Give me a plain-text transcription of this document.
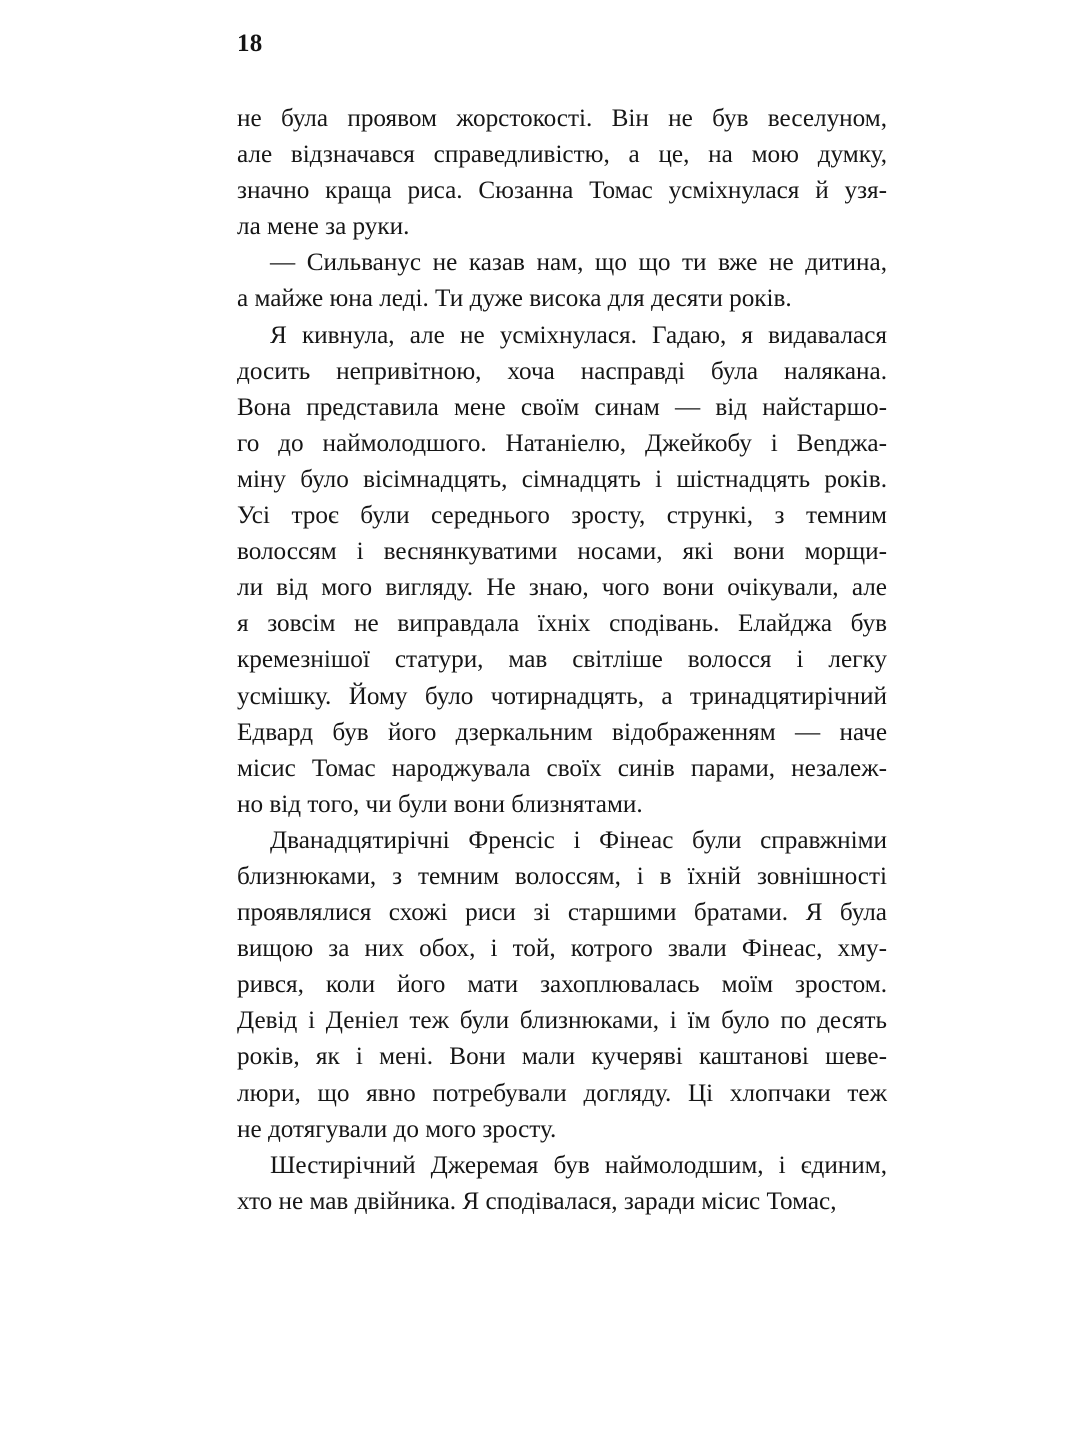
18

не була проявом жорстокості. Він не був веселуном,
але відзначався справедливістю, а це, на мою думку,
значно краща риса. Сюзанна Томас усміхнулася й узя-
ла мене за руки.

— Сильванус не казав нам, що що ти вже не дитина,
а майже юна леді. Ти дуже висока для десяти років.

Я кивнула, але не усміхнулася. Гадаю, я видавалася
досить непривітною, хоча насправді була налякана.
Вона представила мене своїм синам — від найстаршо-
го до наймолодшого. Натаніелю, Джейкобу і Benджа-
міну було вісімнадцять, сімнадцять і шістнадцять років.
Усі троє були середнього зросту, стрункі, з темним
волоссям і веснянкуватими носами, які вони морщи-
ли від мого вигляду. Не знаю, чого вони очікували, але
я зовсім не виправдала їхніх сподівань. Елайджа був
кремезнішої статури, мав світліше волосся і легку
усмішку. Йому було чотирнадцять, а тринадцятирічний
Едвард був його дзеркальним відображенням — наче
місис Томас народжувала своїх синів парами, незалеж-
но від того, чи були вони близнятами.

Дванадцятирічні Френсіс і Фінеас були справжніми
близнюками, з темним волоссям, і в їхній зовнішності
проявлялися схожі риси зі старшими братами. Я була
вищою за них обох, і той, котрого звали Фінеас, хму-
рився, коли його мати захоплювалась моїм зростом.
Девід і Деніел теж були близнюками, і їм було по десять
років, як і мені. Вони мали кучеряві каштанові шеве-
люри, що явно потребували догляду. Ці хлопчаки теж
не дотягували до мого зросту.

Шестирічний Джеремая був наймолодшим, і єдиним,
хто не мав двійника. Я сподівалася, заради місис Томас,
